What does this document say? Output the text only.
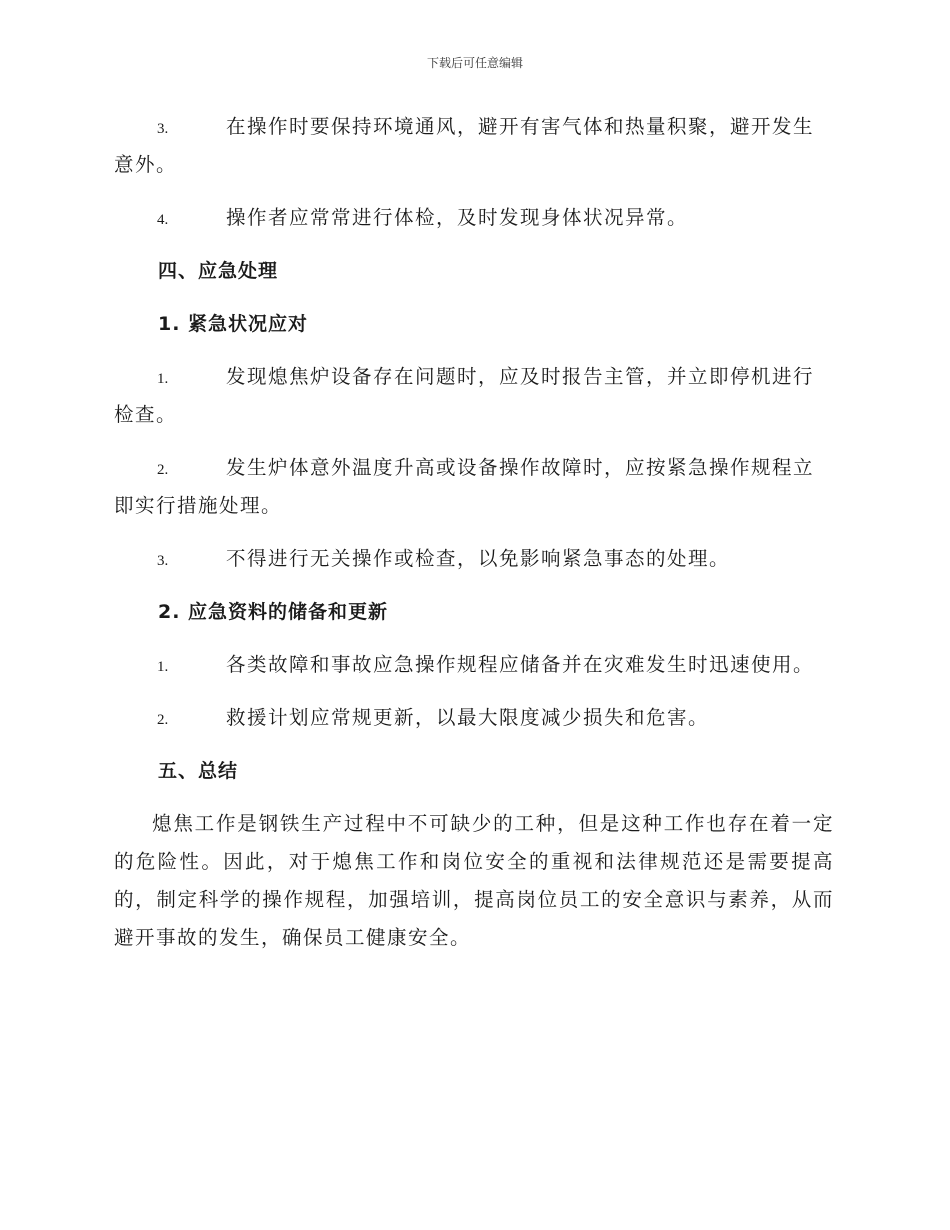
下载后可任意编辑
3.	在操作时要保持环境通风，避开有害气体和热量积聚，避开发生意外。
4.	操作者应常常进行体检，及时发现身体状况异常。
四、应急处理
1. 紧急状况应对
1.	发现熄焦炉设备存在问题时，应及时报告主管，并立即停机进行检查。
2.	发生炉体意外温度升高或设备操作故障时，应按紧急操作规程立即实行措施处理。
3.	不得进行无关操作或检查，以免影响紧急事态的处理。
2. 应急资料的储备和更新
1.	各类故障和事故应急操作规程应储备并在灾难发生时迅速使用。
2.	救援计划应常规更新，以最大限度减少损失和危害。
五、总结
熄焦工作是钢铁生产过程中不可缺少的工种，但是这种工作也存在着一定的危险性。因此，对于熄焦工作和岗位安全的重视和法律规范还是需要提高的，制定科学的操作规程，加强培训，提高岗位员工的安全意识与素养，从而避开事故的发生，确保员工健康安全。
